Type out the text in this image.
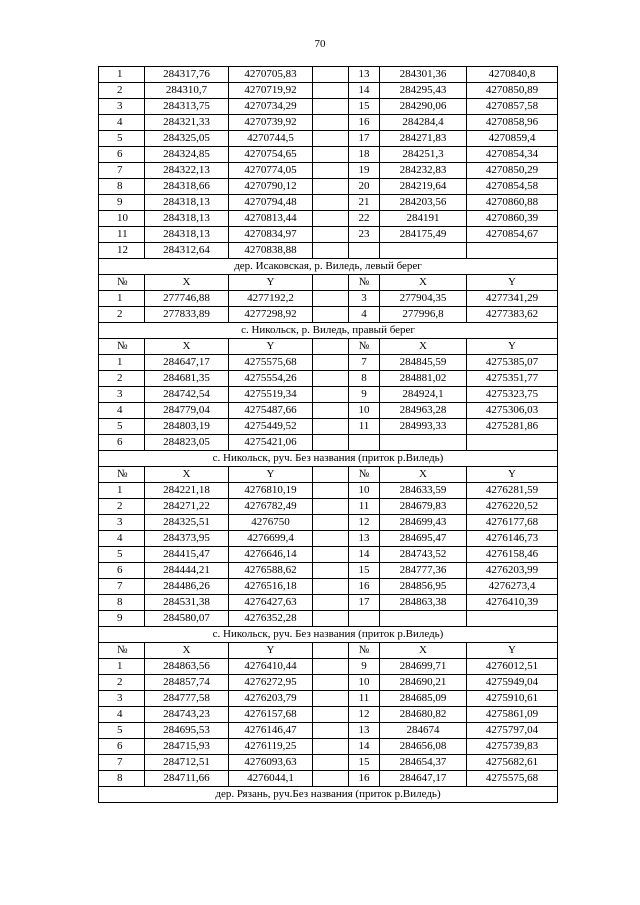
70
1	284317,76	4270705,83		13	284301,36	4270840,8
2	284310,7	4270719,92		14	284295,43	4270850,89
3	284313,75	4270734,29		15	284290,06	4270857,58
4	284321,33	4270739,92		16	284284,4	4270858,96
5	284325,05	4270744,5		17	284271,83	4270859,4
6	284324,85	4270754,65		18	284251,3	4270854,34
7	284322,13	4270774,05		19	284232,83	4270850,29
8	284318,66	4270790,12		20	284219,64	4270854,58
9	284318,13	4270794,48		21	284203,56	4270860,88
10	284318,13	4270813,44		22	284191	4270860,39
11	284318,13	4270834,97		23	284175,49	4270854,67
12	284312,64	4270838,88				
дер. Исаковская, р. Виледь, левый берег						
№	X	Y		№	X	Y
1	277746,88	4277192,2		3	277904,35	4277341,29
2	277833,89	4277298,92		4	277996,8	4277383,62
с. Никольск, р. Виледь, правый берег						
№	X	Y		№	X	Y
1	284647,17	4275575,68		7	284845,59	4275385,07
2	284681,35	4275554,26		8	284881,02	4275351,77
3	284742,54	4275519,34		9	284924,1	4275323,75
4	284779,04	4275487,66		10	284963,28	4275306,03
5	284803,19	4275449,52		11	284993,33	4275281,86
6	284823,05	4275421,06				
с. Никольск, руч. Без названия (приток р.Виледь)						
№	X	Y		№	X	Y
1	284221,18	4276810,19		10	284633,59	4276281,59
2	284271,22	4276782,49		11	284679,83	4276220,52
3	284325,51	4276750		12	284699,43	4276177,68
4	284373,95	4276699,4		13	284695,47	4276146,73
5	284415,47	4276646,14		14	284743,52	4276158,46
6	284444,21	4276588,62		15	284777,36	4276203,99
7	284486,26	4276516,18		16	284856,95	4276273,4
8	284531,38	4276427,63		17	284863,38	4276410,39
9	284580,07	4276352,28				
с. Никольск, руч. Без названия (приток р.Виледь)						
№	X	Y		№	X	Y
1	284863,56	4276410,44		9	284699,71	4276012,51
2	284857,74	4276272,95		10	284690,21	4275949,04
3	284777,58	4276203,79		11	284685,09	4275910,61
4	284743,23	4276157,68		12	284680,82	4275861,09
5	284695,53	4276146,47		13	284674	4275797,04
6	284715,93	4276119,25		14	284656,08	4275739,83
7	284712,51	4276093,63		15	284654,37	4275682,61
8	284711,66	4276044,1		16	284647,17	4275575,68
дер. Рязань, руч.Без названия (приток р.Виледь)						
